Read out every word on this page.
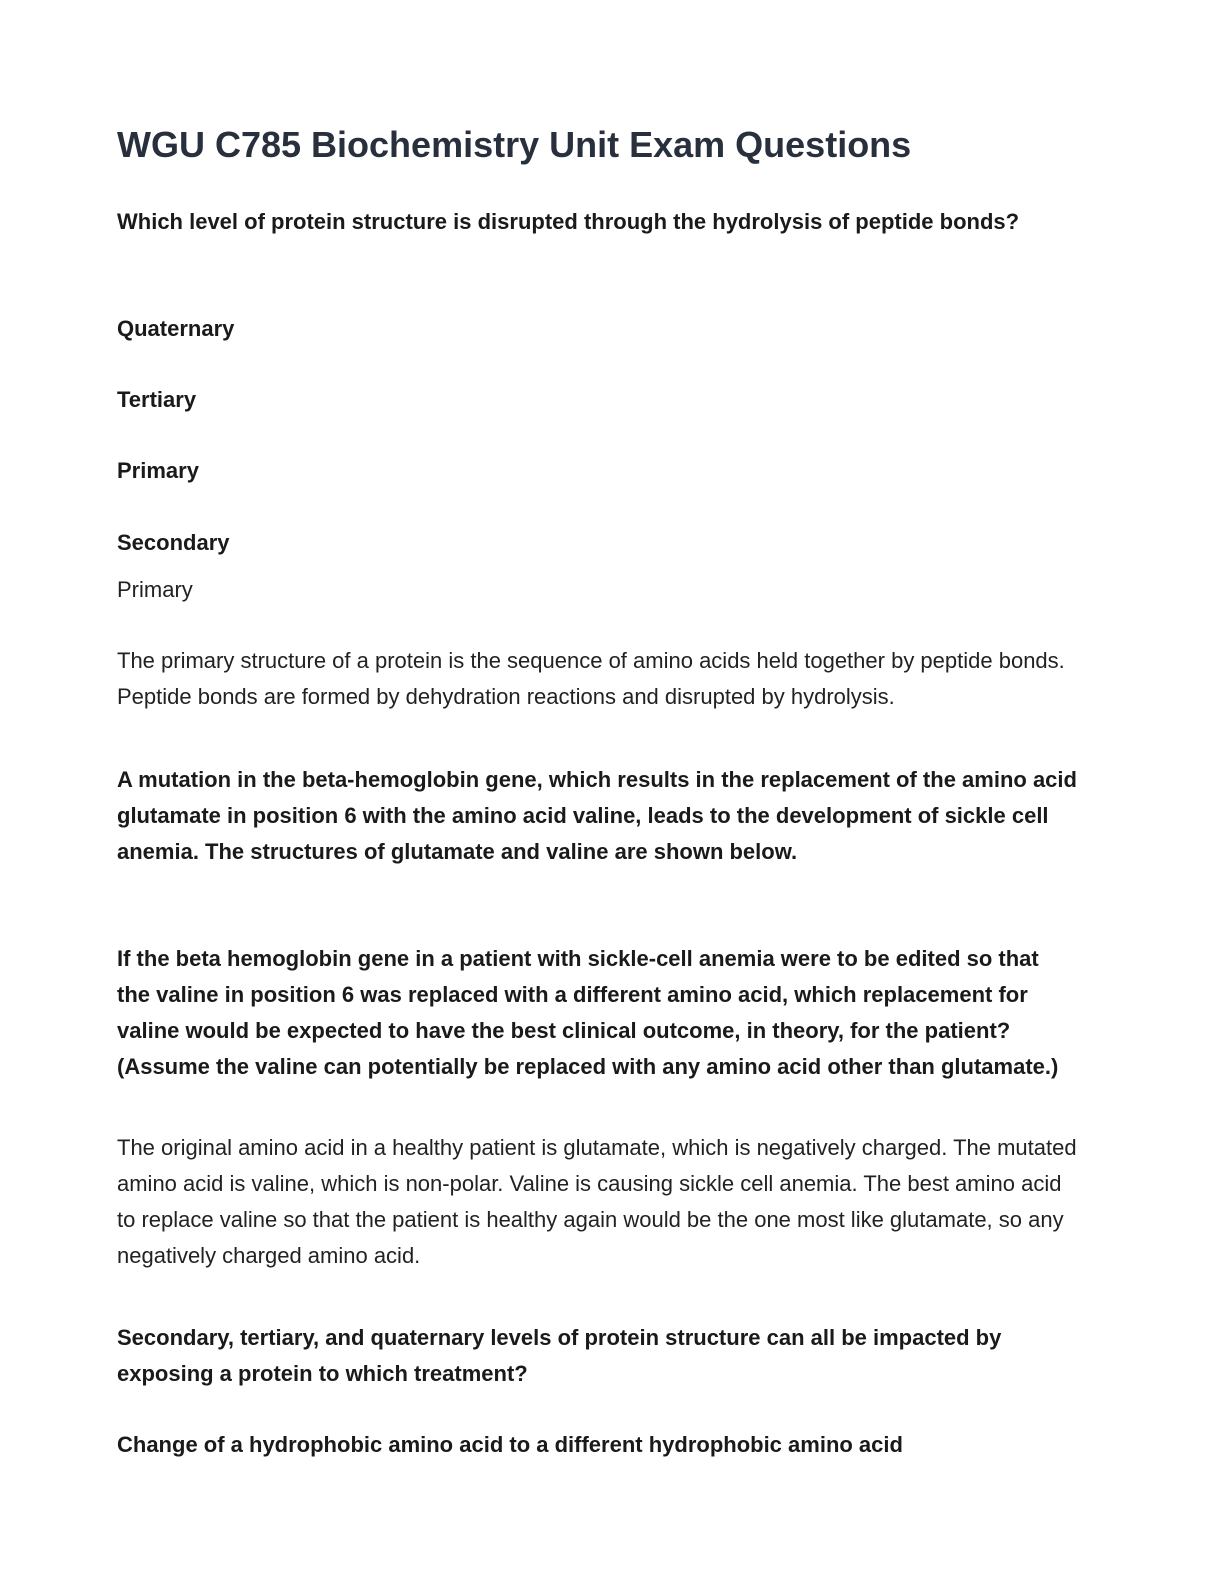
WGU C785 Biochemistry Unit Exam Questions

Which level of protein structure is disrupted through the hydrolysis of peptide bonds?

Quaternary

Tertiary

Primary

Secondary

Primary

The primary structure of a protein is the sequence of amino acids held together by peptide bonds. Peptide bonds are formed by dehydration reactions and disrupted by hydrolysis.

A mutation in the beta-hemoglobin gene, which results in the replacement of the amino acid glutamate in position 6 with the amino acid valine, leads to the development of sickle cell anemia. The structures of glutamate and valine are shown below.

If the beta hemoglobin gene in a patient with sickle-cell anemia were to be edited so that the valine in position 6 was replaced with a different amino acid, which replacement for valine would be expected to have the best clinical outcome, in theory, for the patient? (Assume the valine can potentially be replaced with any amino acid other than glutamate.)

The original amino acid in a healthy patient is glutamate, which is negatively charged. The mutated amino acid is valine, which is non-polar. Valine is causing sickle cell anemia. The best amino acid to replace valine so that the patient is healthy again would be the one most like glutamate, so any negatively charged amino acid.

Secondary, tertiary, and quaternary levels of protein structure can all be impacted by exposing a protein to which treatment?

Change of a hydrophobic amino acid to a different hydrophobic amino acid
